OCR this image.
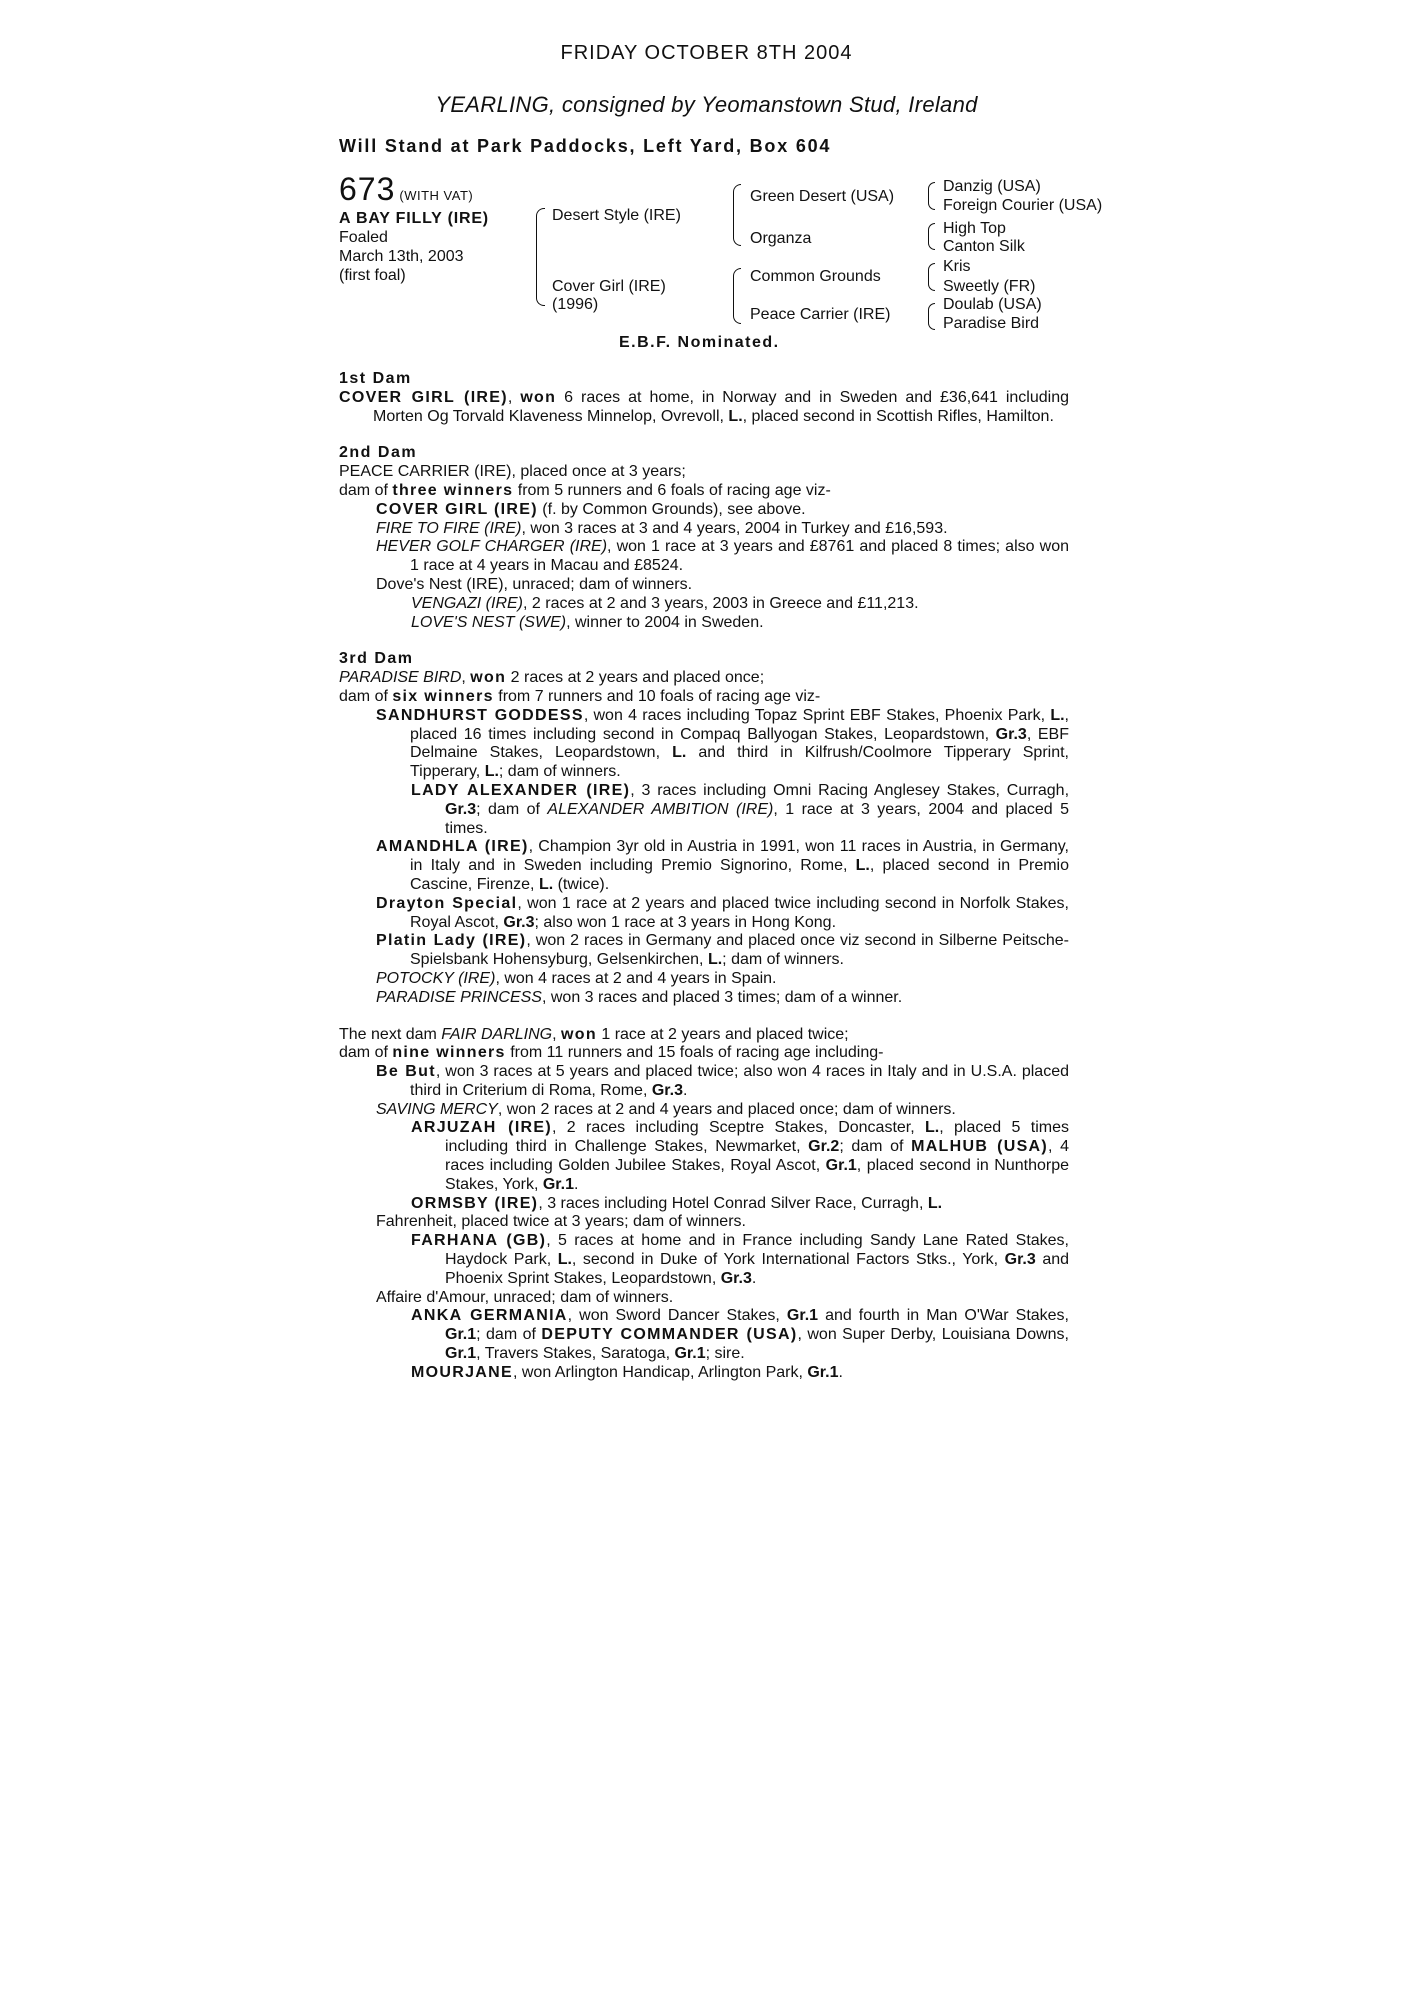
FRIDAY OCTOBER 8TH 2004
YEARLING, consigned by Yeomanstown Stud, Ireland
Will Stand at Park Paddocks, Left Yard, Box 604
673 (WITH VAT)
A BAY FILLY (IRE)
Foaled
March 13th, 2003
(first foal)
Desert Style (IRE)
Cover Girl (IRE)
(1996)
Green Desert (USA)
Organza
Common Grounds
Peace Carrier (IRE)
Danzig (USA)
Foreign Courier (USA)
High Top
Canton Silk
Kris
Sweetly (FR)
Doulab (USA)
Paradise Bird
E.B.F. Nominated.

1st Dam

COVER GIRL (IRE), won 6 races at home, in Norway and in Sweden and £36,641 including Morten Og Torvald Klaveness Minnelop, Ovrevoll, L., placed second in Scottish Rifles, Hamilton.

2nd Dam

PEACE CARRIER (IRE), placed once at 3 years;

dam of three winners from 5 runners and 6 foals of racing age viz-

COVER GIRL (IRE) (f. by Common Grounds), see above.

FIRE TO FIRE (IRE), won 3 races at 3 and 4 years, 2004 in Turkey and £16,593.

HEVER GOLF CHARGER (IRE), won 1 race at 3 years and £8761 and placed 8 times; also won 1 race at 4 years in Macau and £8524.

Dove's Nest (IRE), unraced; dam of winners.

VENGAZI (IRE), 2 races at 2 and 3 years, 2003 in Greece and £11,213.

LOVE'S NEST (SWE), winner to 2004 in Sweden.

3rd Dam

PARADISE BIRD, won 2 races at 2 years and placed once;

dam of six winners from 7 runners and 10 foals of racing age viz-

SANDHURST GODDESS, won 4 races including Topaz Sprint EBF Stakes, Phoenix Park, L., placed 16 times including second in Compaq Ballyogan Stakes, Leopardstown, Gr.3, EBF Delmaine Stakes, Leopardstown, L. and third in Kilfrush/Coolmore Tipperary Sprint, Tipperary, L.; dam of winners.

LADY ALEXANDER (IRE), 3 races including Omni Racing Anglesey Stakes, Curragh, Gr.3; dam of ALEXANDER AMBITION (IRE), 1 race at 3 years, 2004 and placed 5 times.

AMANDHLA (IRE), Champion 3yr old in Austria in 1991, won 11 races in Austria, in Germany, in Italy and in Sweden including Premio Signorino, Rome, L., placed second in Premio Cascine, Firenze, L. (twice).

Drayton Special, won 1 race at 2 years and placed twice including second in Norfolk Stakes, Royal Ascot, Gr.3; also won 1 race at 3 years in Hong Kong.

Platin Lady (IRE), won 2 races in Germany and placed once viz second in Silberne Peitsche-Spielsbank Hohensyburg, Gelsenkirchen, L.; dam of winners.

POTOCKY (IRE), won 4 races at 2 and 4 years in Spain.

PARADISE PRINCESS, won 3 races and placed 3 times; dam of a winner.

The next dam FAIR DARLING, won 1 race at 2 years and placed twice;

dam of nine winners from 11 runners and 15 foals of racing age including-

Be But, won 3 races at 5 years and placed twice; also won 4 races in Italy and in U.S.A. placed third in Criterium di Roma, Rome, Gr.3.

SAVING MERCY, won 2 races at 2 and 4 years and placed once; dam of winners.

ARJUZAH (IRE), 2 races including Sceptre Stakes, Doncaster, L., placed 5 times including third in Challenge Stakes, Newmarket, Gr.2; dam of MALHUB (USA), 4 races including Golden Jubilee Stakes, Royal Ascot, Gr.1, placed second in Nunthorpe Stakes, York, Gr.1.

ORMSBY (IRE), 3 races including Hotel Conrad Silver Race, Curragh, L.

Fahrenheit, placed twice at 3 years; dam of winners.

FARHANA (GB), 5 races at home and in France including Sandy Lane Rated Stakes, Haydock Park, L., second in Duke of York International Factors Stks., York, Gr.3 and Phoenix Sprint Stakes, Leopardstown, Gr.3.

Affaire d'Amour, unraced; dam of winners.

ANKA GERMANIA, won Sword Dancer Stakes, Gr.1 and fourth in Man O'War Stakes, Gr.1; dam of DEPUTY COMMANDER (USA), won Super Derby, Louisiana Downs, Gr.1, Travers Stakes, Saratoga, Gr.1; sire.

MOURJANE, won Arlington Handicap, Arlington Park, Gr.1.
